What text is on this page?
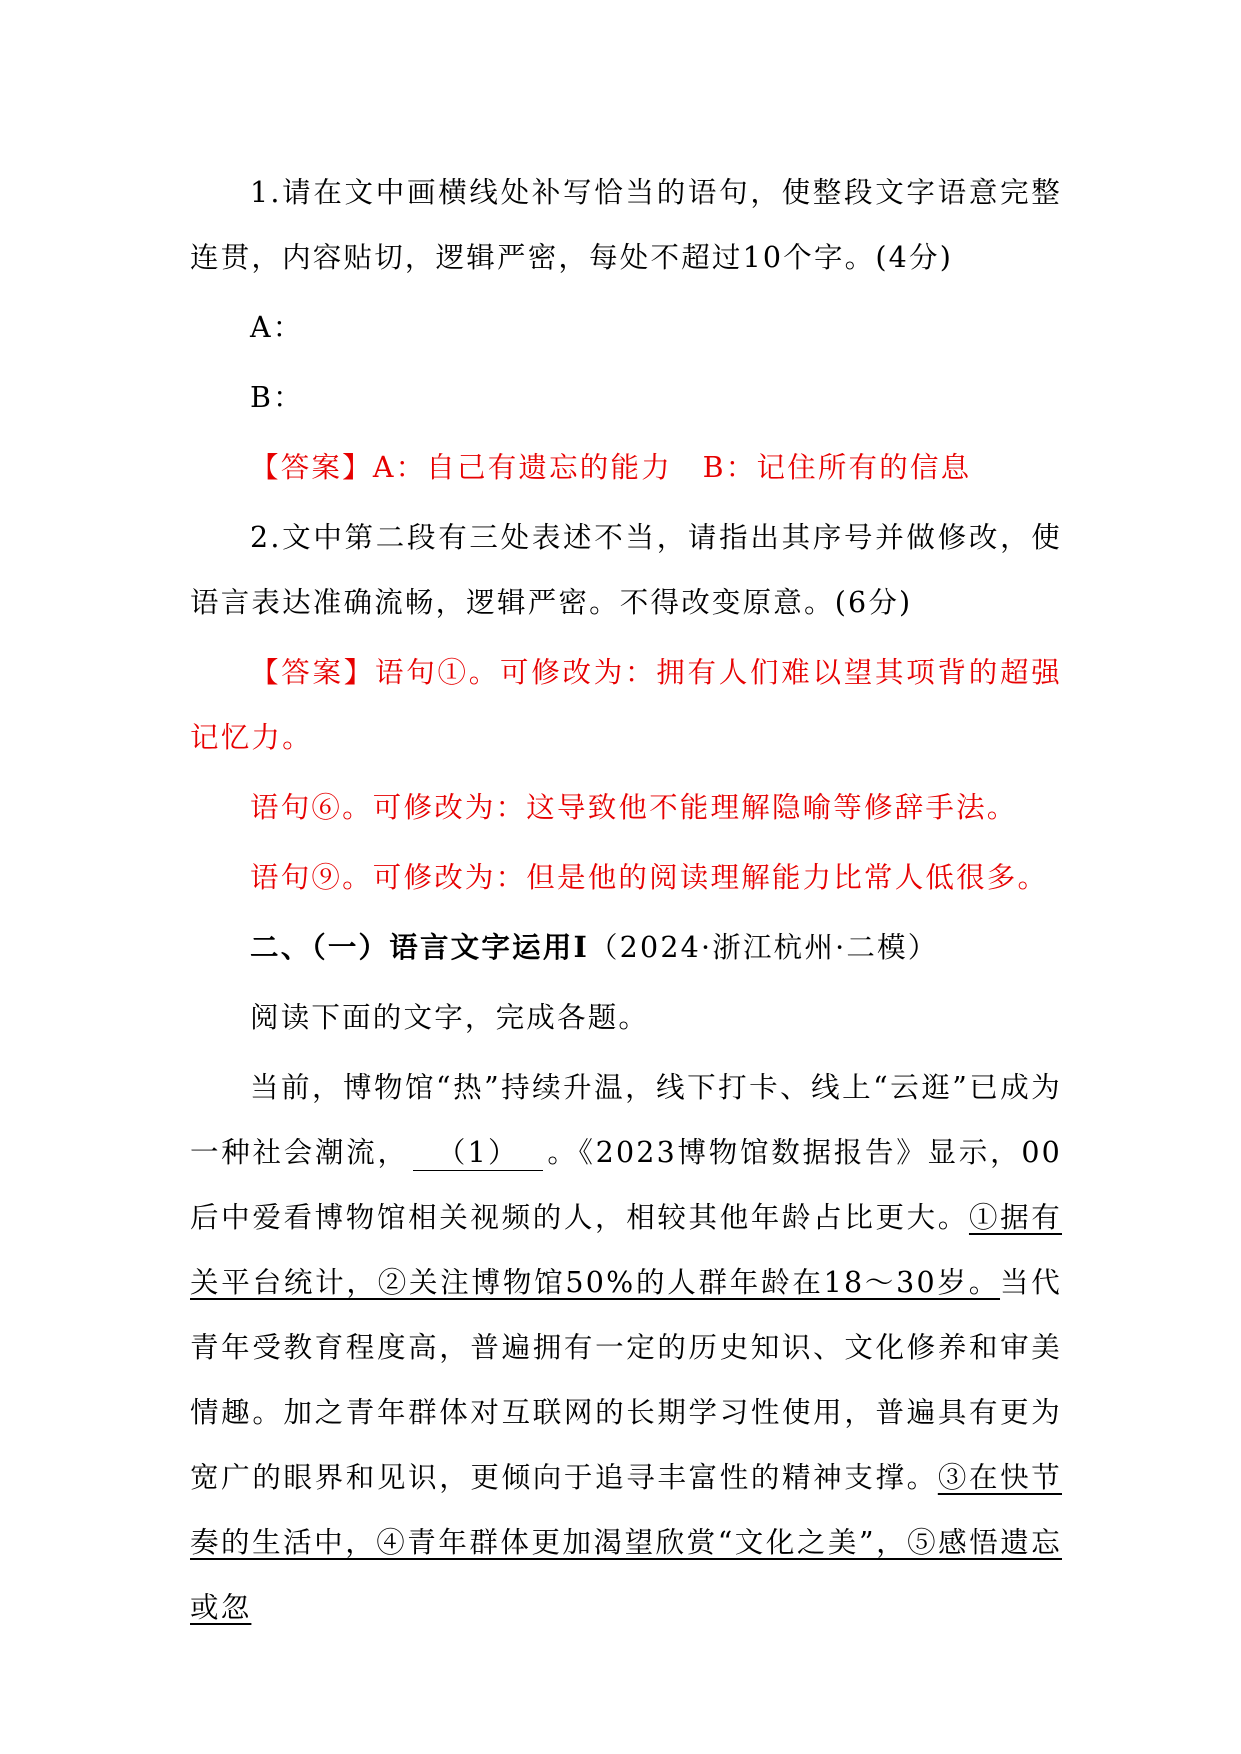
1.请在文中画横线处补写恰当的语句，使整段文字语意完整连贯，内容贴切，逻辑严密，每处不超过10个字。(4分)

A：

B：

【答案】A：自己有遗忘的能力　B：记住所有的信息

2.文中第二段有三处表述不当，请指出其序号并做修改，使语言表达准确流畅，逻辑严密。不得改变原意。(6分)

【答案】语句①。可修改为：拥有人们难以望其项背的超强记忆力。

语句⑥。可修改为：这导致他不能理解隐喻等修辞手法。

语句⑨。可修改为：但是他的阅读理解能力比常人低很多。

二、（一）语言文字运用Ⅰ（2024·浙江杭州·二模）

阅读下面的文字，完成各题。

当前，博物馆“热”持续升温，线下打卡、线上“云逛”已成为一种社会潮流， （1） 。《2023博物馆数据报告》显示，00后中爱看博物馆相关视频的人，相较其他年龄占比更大。①据有关平台统计，②关注博物馆50%的人群年龄在18～30岁。当代青年受教育程度高，普遍拥有一定的历史知识、文化修养和审美情趣。加之青年群体对互联网的长期学习性使用，普遍具有更为宽广的眼界和见识，更倾向于追寻丰富性的精神支撑。③在快节奏的生活中，④青年群体更加渴望欣赏“文化之美”，⑤感悟遗忘或忽
